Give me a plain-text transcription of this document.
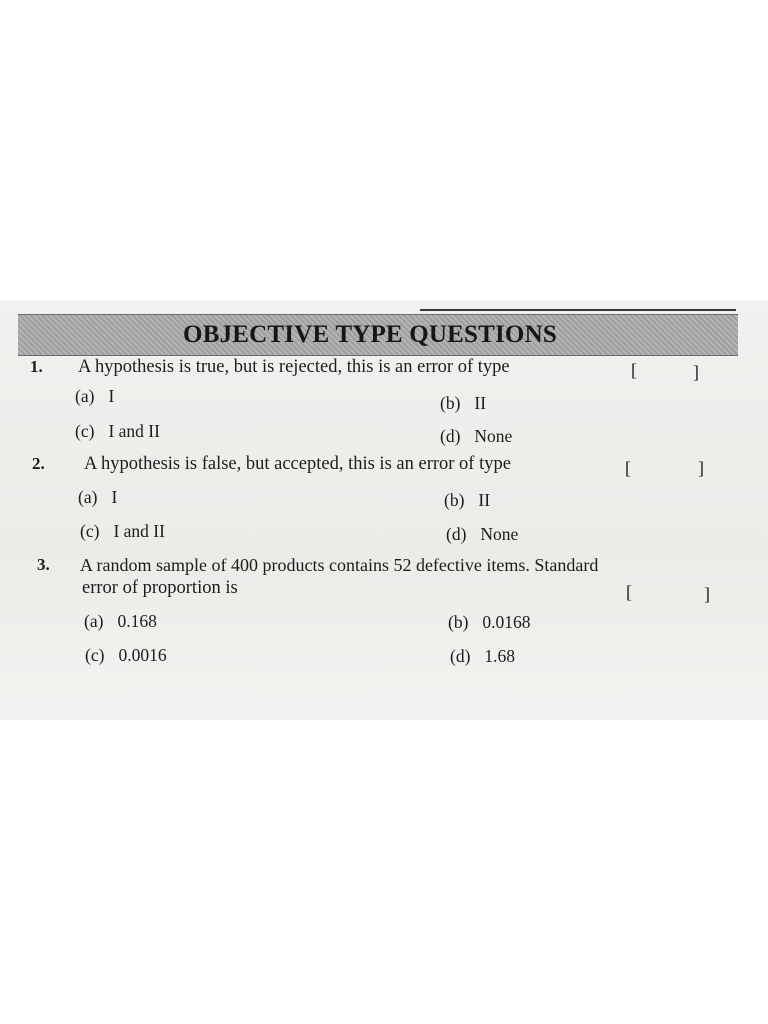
OBJECTIVE TYPE QUESTIONS
1. A hypothesis is true, but is rejected, this is an error of type	[	]
(a) I	(b) II
(c) I and II	(d) None
2. A hypothesis is false, but accepted, this is an error of type	[	]
(a) I	(b) II
(c) I and II	(d) None
3. A random sample of 400 products contains 52 defective items. Standard
error of proportion is	[	]
(a) 0.168	(b) 0.0168
(c) 0.0016	(d) 1.68
